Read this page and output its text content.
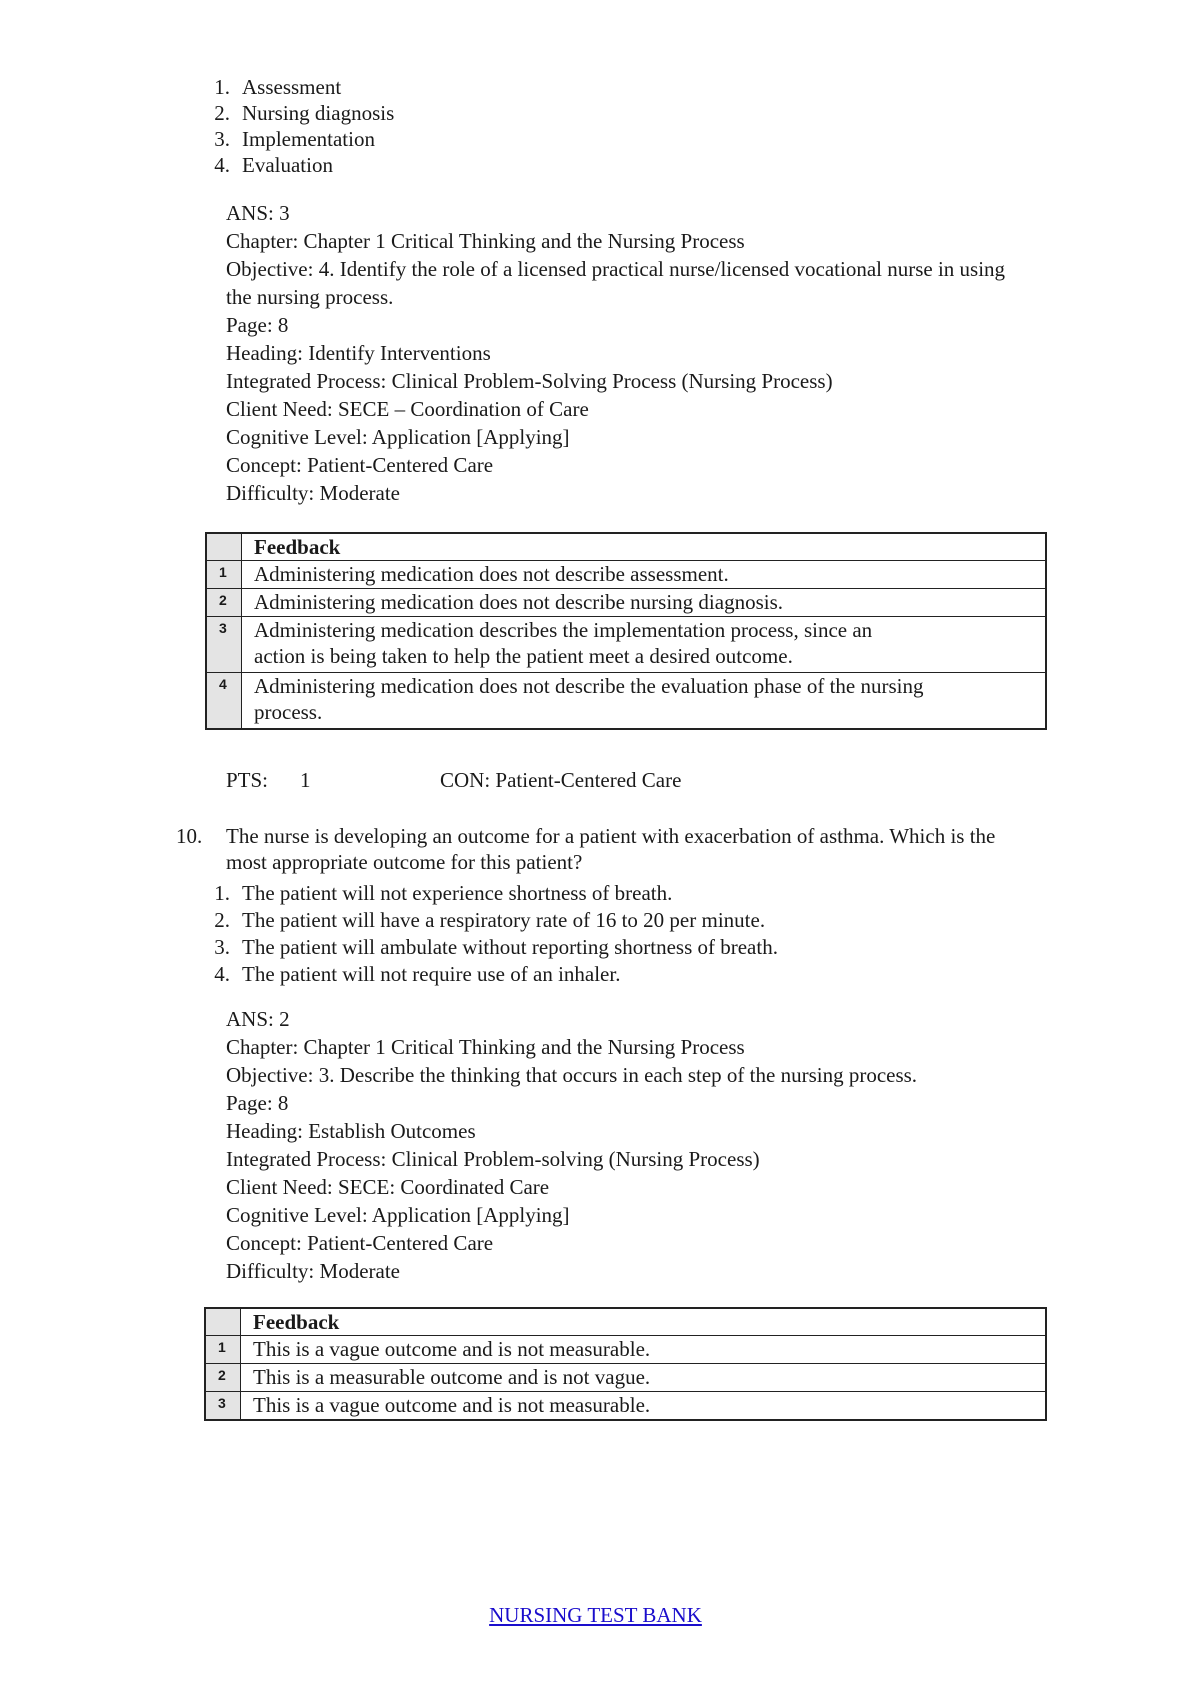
1. Assessment
2. Nursing diagnosis
3. Implementation
4. Evaluation
ANS: 3
Chapter: Chapter 1 Critical Thinking and the Nursing Process
Objective: 4. Identify the role of a licensed practical nurse/licensed vocational nurse in using
the nursing process.
Page: 8
Heading: Identify Interventions
Integrated Process: Clinical Problem-Solving Process (Nursing Process)
Client Need: SECE – Coordination of Care
Cognitive Level: Application [Applying]
Concept: Patient-Centered Care
Difficulty: Moderate
	Feedback
1	Administering medication does not describe assessment.

2	Administering medication does not describe nursing diagnosis.

3	Administering medication describes the implementation process, since an
action is being taken to help the patient meet a desired outcome.

4	Administering medication does not describe the evaluation phase of the nursing
process.
PTS: 1	CON: Patient-Centered Care
10. The nurse is developing an outcome for a patient with exacerbation of asthma. Which is the
most appropriate outcome for this patient?
1. The patient will not experience shortness of breath.
2. The patient will have a respiratory rate of 16 to 20 per minute.
3. The patient will ambulate without reporting shortness of breath.
4. The patient will not require use of an inhaler.
ANS: 2
Chapter: Chapter 1 Critical Thinking and the Nursing Process
Objective: 3. Describe the thinking that occurs in each step of the nursing process.
Page: 8
Heading: Establish Outcomes
Integrated Process: Clinical Problem-solving (Nursing Process)
Client Need: SECE: Coordinated Care
Cognitive Level: Application [Applying]
Concept: Patient-Centered Care
Difficulty: Moderate
	Feedback
1	This is a vague outcome and is not measurable.
2	This is a measurable outcome and is not vague.
3	This is a vague outcome and is not measurable.
NURSING TEST BANK
